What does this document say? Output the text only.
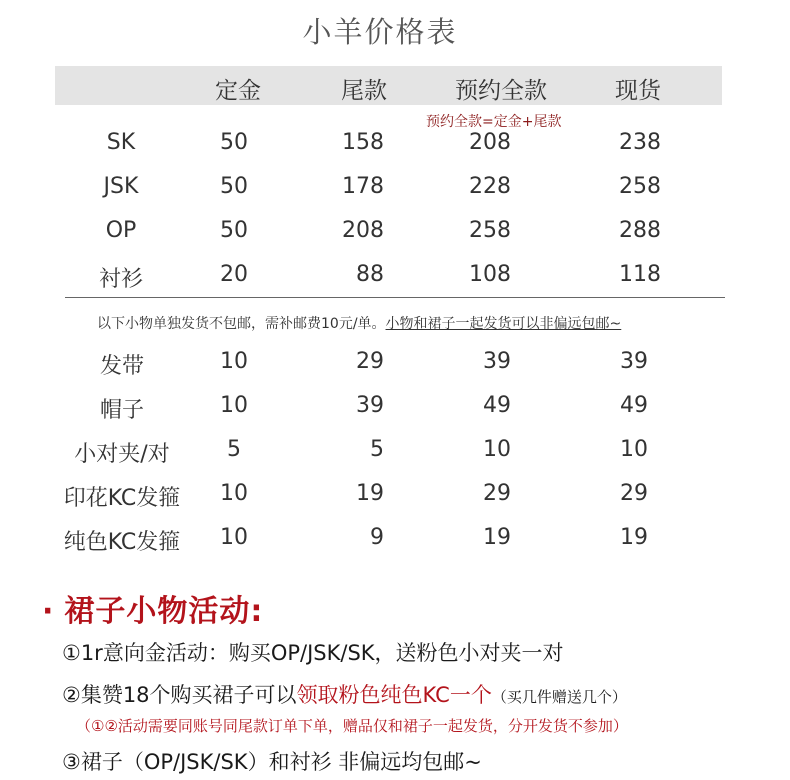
小羊价格表
定金	尾款	预约全款	现货
预约全款=定金+尾款
SK	50	158	208	238
JSK	50	178	228	258
OP	50	208	258	288
衬衫	20	88	108	118
以下小物单独发货不包邮，需补邮费10元/单。小物和裙子一起发货可以非偏远包邮~
发带	10	29	39	39
帽子	10	39	49	49
小对夹/对	5	5	10	10
印花KC发箍 10	19	29	29
纯色KC发箍 10	9	19	19
· 裙子小物活动:
①1r意向金活动：购买OP/JSK/SK，送粉色小对夹一对
②集赞18个购买裙子可以领取粉色纯色KC一个（买几件赠送几个）
（①②活动需要同账号同尾款订单下单，赠品仅和裙子一起发货，分开发货不参加）
③裙子（OP/JSK/SK）和衬衫 非偏远均包邮~
